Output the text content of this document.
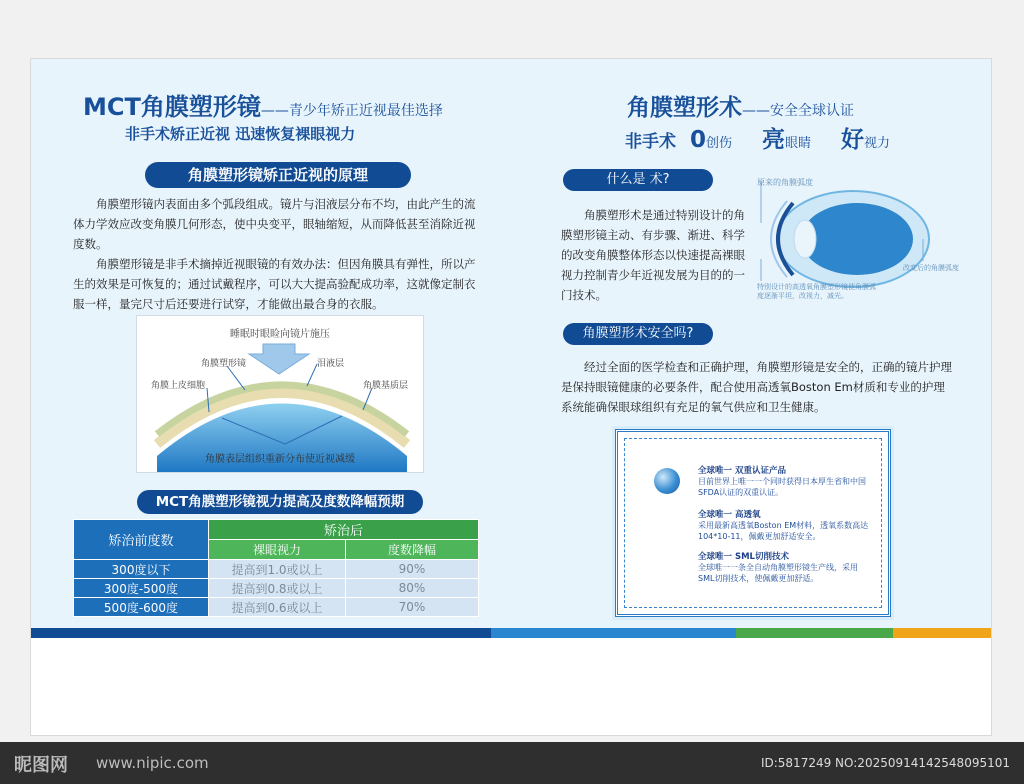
MCT角膜塑形镜——青少年矫正近视最佳选择
非手术矫正近视 迅速恢复裸眼视力
角膜塑形镜矫正近视的原理

角膜塑形镜内表面由多个弧段组成。镜片与泪液层分布不均，由此产生的流体力学效应改变角膜几何形态，使中央变平，眼轴缩短，从而降低甚至消除近视度数。

角膜塑形镜是非手术摘掉近视眼镜的有效办法：但因角膜具有弹性，所以产生的效果是可恢复的；通过试戴程序，可以大大提高验配成功率，这就像定制衣服一样，量完尺寸后还要进行试穿，才能做出最合身的衣服。

睡眠时眼睑向镜片施压
角膜塑形镜	泪液层
角膜上皮细胞	角膜基质层
角膜表层组织重新分布使近视减缓
MCT角膜塑形镜视力提高及度数降幅预期
矫治前度数	矫治后	
	裸眼视力	度数降幅
300度以下	提高到1.0或以上	90%
300度-500度	提高到0.8或以上	80%
500度-600度	提高到0.6或以上	70%
角膜塑形术——安全全球认证
非手术 0创伤 亮眼睛 好视力
什么是 术?

角膜塑形术是通过特别设计的角膜塑形镜主动、有步骤、渐进、科学的改变角膜整体形态以快速提高裸眼视力控制青少年近视发展为目的的一门技术。

原来的角膜弧度
改变后的角膜弧度
特别设计的高透氧角膜塑形镜使角膜弧度逐渐平坦，改视力，减光。
角膜塑形术安全吗?

经过全面的医学检查和正确护理，角膜塑形镜是安全的，正确的镜片护理是保持眼镜健康的必要条件，配合使用高透氧Boston Em材质和专业的护理系统能确保眼球组织有充足的氧气供应和卫生健康。

全球唯一 双重认证产品
目前世界上唯一一个同时获得日本厚生省和中国SFDA认证的双重认证。
全球唯一 高透氧
采用最新高透氧Boston EM材料，透氧系数高达104*10-11，佩戴更加舒适安全。
全球唯一 SML切削技术
全球唯一一条全自动角膜塑形镜生产线，采用SML切削技术，使佩戴更加舒适。
昵图网 www.nipic.com	ID:5817249 NO:20250914142548095101
